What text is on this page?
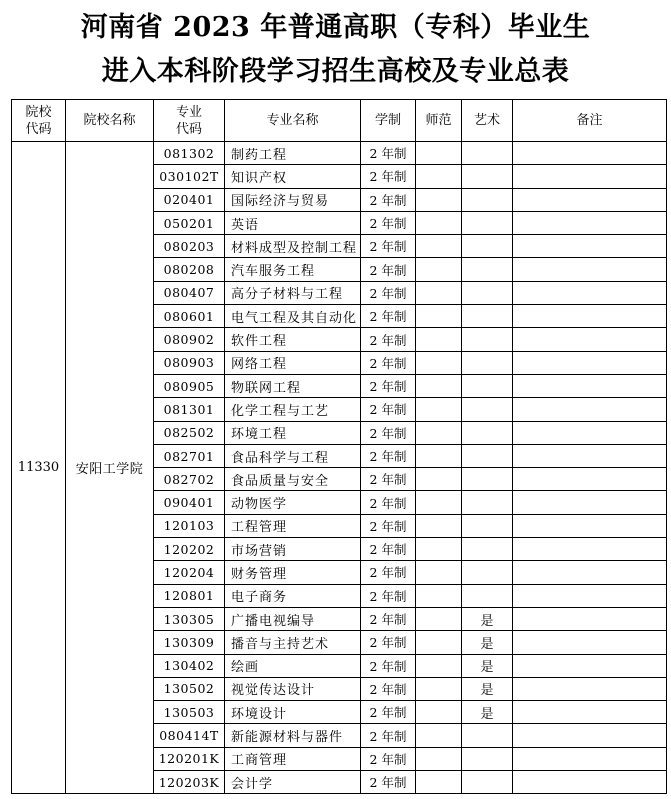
河南省 2023 年普通高职（专科）毕业生
进入本科阶段学习招生高校及专业总表
院校
代码	院校名称	专业
代码	专业名称	学制	师范	艺术	备注
11330	安阳工学院	081302	制药工程	2 年制			
		030102T	知识产权	2 年制			
		020401	国际经济与贸易	2 年制			
		050201	英语	2 年制			
		080203	材料成型及控制工程	2 年制			
		080208	汽车服务工程	2 年制			
		080407	高分子材料与工程	2 年制			
		080601	电气工程及其自动化	2 年制			
		080902	软件工程	2 年制			
		080903	网络工程	2 年制			
		080905	物联网工程	2 年制			
		081301	化学工程与工艺	2 年制			
		082502	环境工程	2 年制			
		082701	食品科学与工程	2 年制			
		082702	食品质量与安全	2 年制			
		090401	动物医学	2 年制			
		120103	工程管理	2 年制			
		120202	市场营销	2 年制			
		120204	财务管理	2 年制			
		120801	电子商务	2 年制			
		130305	广播电视编导	2 年制		是	
		130309	播音与主持艺术	2 年制		是	
		130402	绘画	2 年制		是	
		130502	视觉传达设计	2 年制		是	
		130503	环境设计	2 年制		是	
		080414T	新能源材料与器件	2 年制			
		120201K	工商管理	2 年制			
		120203K	会计学	2 年制			
